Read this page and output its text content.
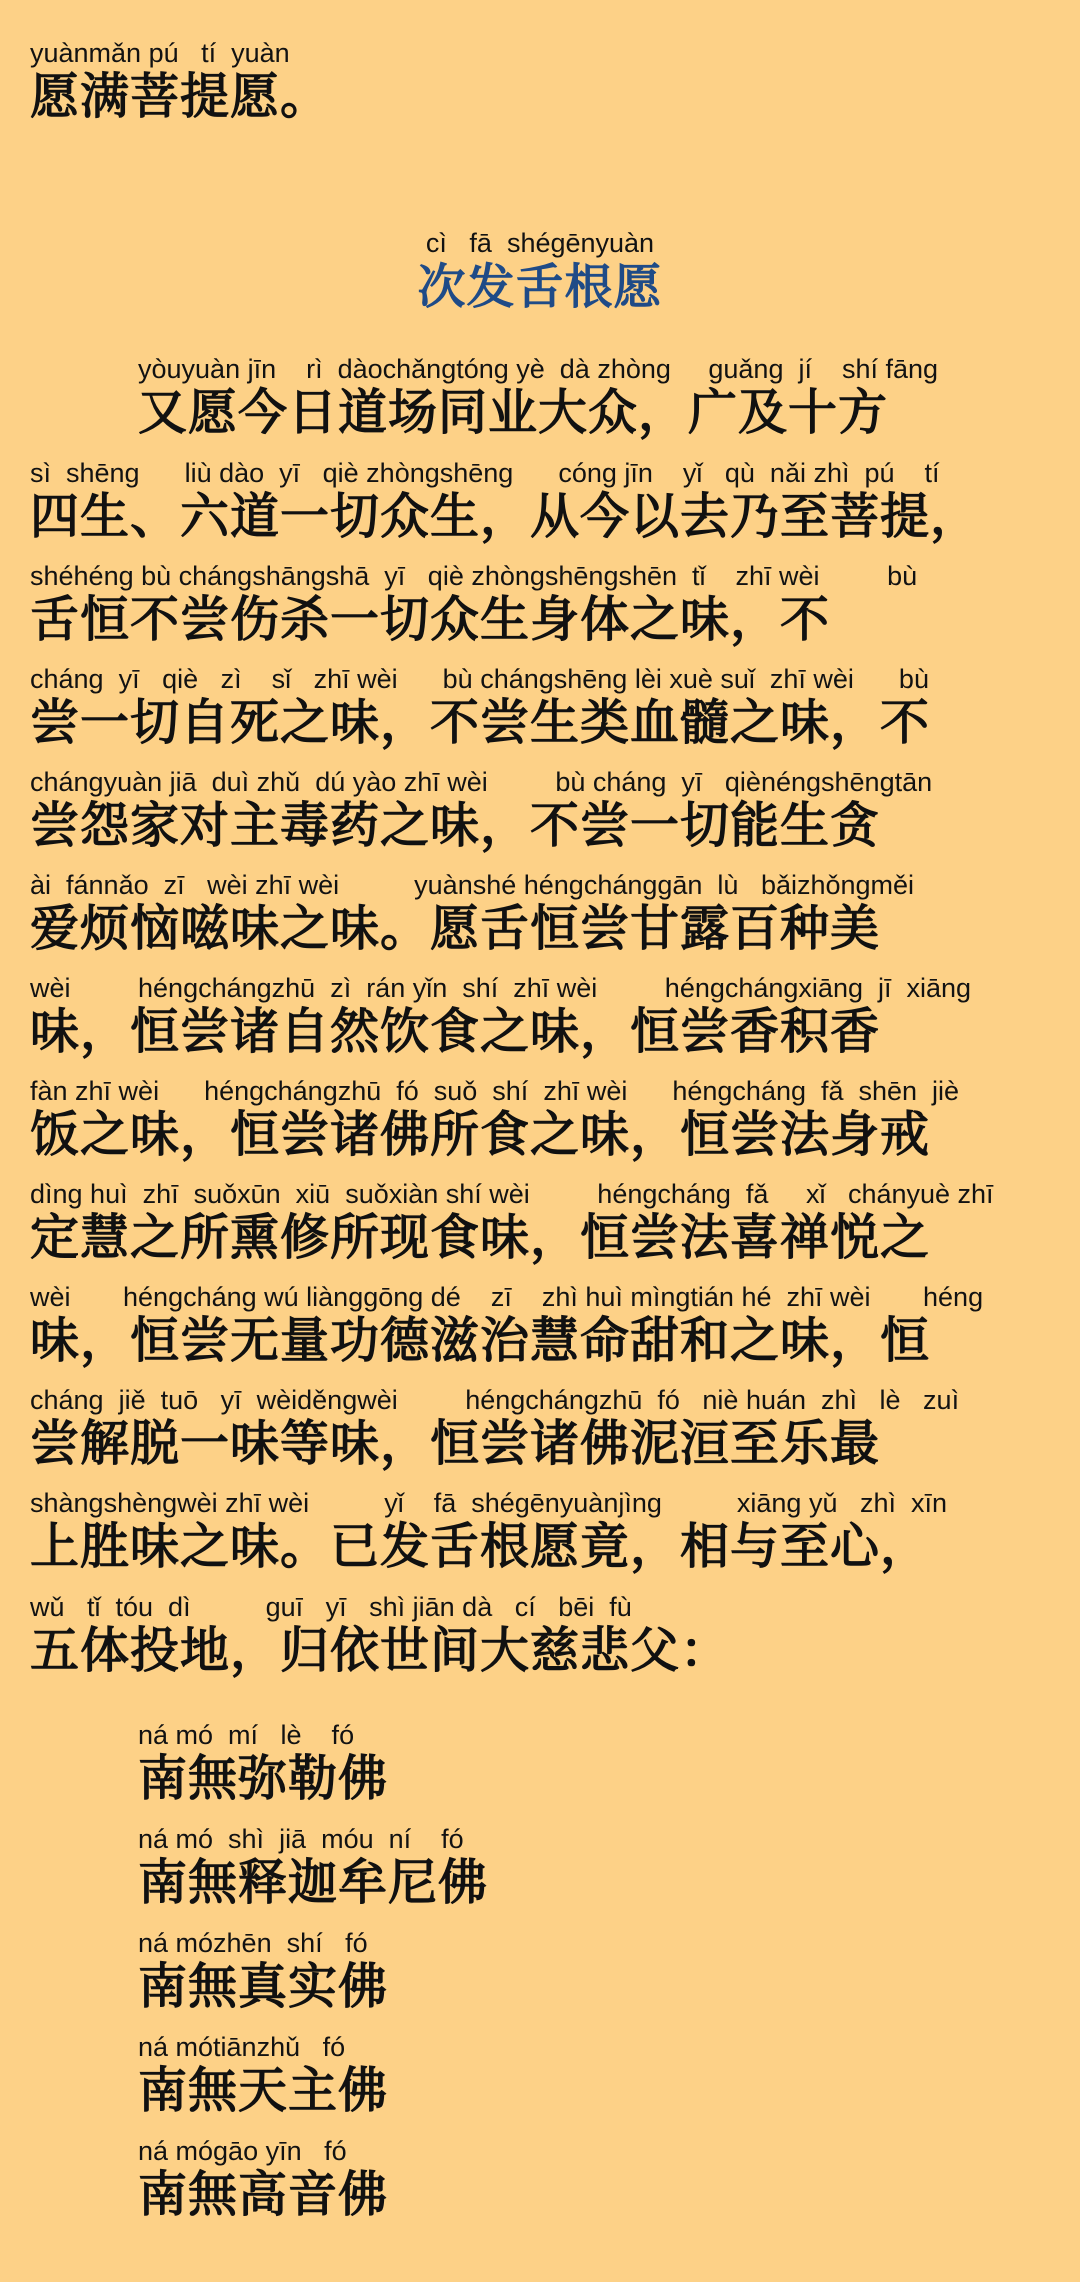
yuànmǎn pú   tí  yuàn
愿满菩提愿。
cì   fā  shégēnyuàn
次发舌根愿
yòuyuàn jīn    rì  dàochǎngtóng yè  dà zhòng     guǎng  jí    shí fāng
又愿今日道场同业大众，广及十方
sì  shēng      liù dào  yī   qiè zhòngshēng      cóng jīn    yǐ   qù  nǎi zhì  pú    tí
四生、六道一切众生，从今以去乃至菩提，
shéhéng bù chángshāngshā  yī   qiè zhòngshēngshēn  tǐ    zhī wèi         bù
舌恒不尝伤杀一切众生身体之味，不
cháng  yī   qiè   zì    sǐ   zhī wèi      bù chángshēng lèi xuè suǐ  zhī wèi      bù
尝一切自死之味，不尝生类血髓之味，不
chángyuàn jiā  duì zhǔ  dú yào zhī wèi         bù cháng  yī   qiènéngshēngtān
尝怨家对主毒药之味，不尝一切能生贪
ài  fánnǎo  zī   wèi zhī wèi          yuànshé héngchánggān  lù   bǎizhǒngměi
爱烦恼嗞味之味。愿舌恒尝甘露百种美
wèi         héngchángzhū  zì  rán yǐn  shí  zhī wèi         héngchángxiāng  jī  xiāng
味，恒尝诸自然饮食之味，恒尝香积香
fàn zhī wèi      héngchángzhū  fó  suǒ  shí  zhī wèi      héngcháng  fǎ  shēn  jiè
饭之味，恒尝诸佛所食之味，恒尝法身戒
dìng huì  zhī  suǒxūn  xiū  suǒxiàn shí wèi         héngcháng  fǎ     xǐ   chányuè zhī
定慧之所熏修所现食味，恒尝法喜禅悦之
wèi       héngcháng wú liànggōng dé    zī    zhì huì mìngtián hé  zhī wèi       héng
味，恒尝无量功德滋治慧命甜和之味，恒
cháng  jiě  tuō   yī  wèiděngwèi         héngchángzhū  fó   niè huán  zhì   lè   zuì
尝解脱一味等味，恒尝诸佛泥洹至乐最
shàngshèngwèi zhī wèi          yǐ    fā  shégēnyuànjìng          xiāng yǔ   zhì  xīn
上胜味之味。已发舌根愿竟，相与至心，
wǔ   tǐ  tóu  dì          guī   yī   shì jiān dà   cí   bēi  fù
五体投地，归依世间大慈悲父：
ná mó  mí   lè    fó
南無弥勒佛
ná mó  shì  jiā  móu  ní    fó
南無释迦牟尼佛
ná mózhēn  shí   fó
南無真实佛
ná mótiānzhǔ   fó
南無天主佛
ná mógāo yīn   fó
南無高音佛
